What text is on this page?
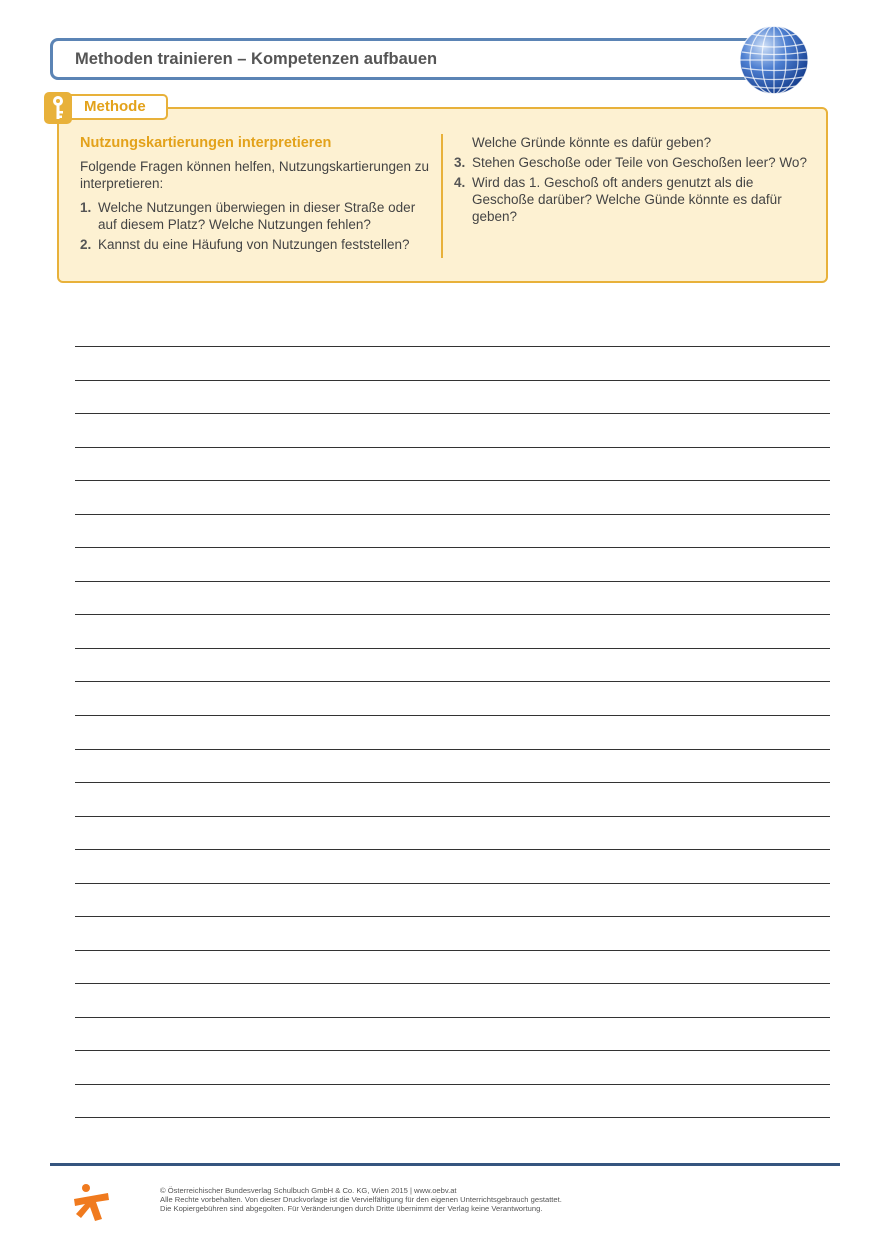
Methoden trainieren – Kompetenzen aufbauen
Methode
Nutzungskartierungen interpretieren
Folgende Fragen können helfen, Nutzungskartierungen zu interpretieren:
1. Welche Nutzungen überwiegen in dieser Straße oder auf diesem Platz? Welche Nutzungen fehlen?
2. Kannst du eine Häufung von Nutzungen feststellen?
Welche Gründe könnte es dafür geben?
3. Stehen Geschoße oder Teile von Geschoßen leer? Wo?
4. Wird das 1. Geschoß oft anders genutzt als die Geschoße darüber? Welche Günde könnte es dafür geben?
© Österreichischer Bundesverlag Schulbuch GmbH & Co. KG, Wien 2015 | www.oebv.at
Alle Rechte vorbehalten. Von dieser Druckvorlage ist die Vervielfältigung für den eigenen Unterrichtsgebrauch gestattet.
Die Kopiergebühren sind abgegolten. Für Veränderungen durch Dritte übernimmt der Verlag keine Verantwortung.
